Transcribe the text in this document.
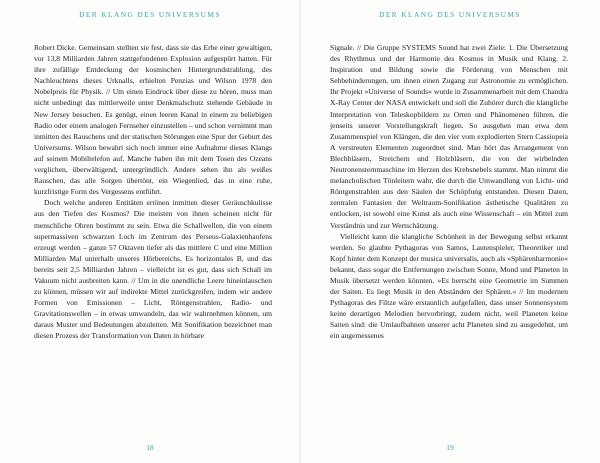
DER KLANG DES UNIVERSUMS

Robert Dicke. Gemeinsam stellten sie fest, dass sie das Erbe einer gewaltigen, vor 13,8 Milliarden Jahren stattgefundenen Explosion aufgespürt hatten. Für ihre zufällige Entdeckung der kosmischen Hintergrundstrahlung, des Nachleuchtens dieses Urknalls, erhielten Penzias und Wilson 1978 den Nobelpreis für Physik. // Um einen Eindruck über diese zu hören, muss man nicht unbedingt das mittlerweile unter Denkmalschutz stehende Gebäude in New Jersey besuchen. Es genügt, einen leeren Kanal in einem zu beliebigen Radio oder einem analogen Fernseher einzustellen – und schon vernimmt man inmitten des Rauschens und der statischen Störungen eine Spur der Geburt des Universums. Wilson bewahrt sich noch immer eine Aufnahme dieses Klangs auf seinem Mobiltelefon auf. Manche haben ihn mit dem Tosen des Ozeans verglichen, überwältigend, untergründlich. Andere sehen ihn als weißes Rauschen, das alle Sorgen übertönt, ein Wiegenlied, das in eine ruhe, kurzfristige Form des Vergessens entführt.

Doch welche anderen Entitäten ertönen inmitten dieser Geräuschkulisse aus den Tiefen des Kosmos? Die meisten von ihnen scheinen nicht für menschliche Ohren bestimmt zu sein. Etwa die Schallwellen, die von einem supermassiven schwarzen Loch im Zentrum des Perseus-Galaxienhaufens erzeugt werden – ganze 57 Oktaven tiefer als das mittlere C und eine Million Milliarden Mal unterhalb unseres Hörbereichs. Es horizontales B, und das bereits seit 2,5 Milliarden Jahren – vielleicht ist es gut, dass sich Schall im Vakuum nicht ausbreiten kann. // Um in die unendliche Leere hineinlauschen zu können, müssen wir auf indirekte Mittel zurückgreifen, indem wir andere Formen von Emissionen – Licht, Röntgenstrahlen, Radio- und Gravitationswellen – in etwas umwandeln, das wir wahrnehmen können, um daraus Muster und Bedeutungen abzuleiten. Mit Sonifikation bezeichnet man diesen Prozess der Transformation von Daten in hörbare

18
DER KLANG DES UNIVERSUMS

Signale. // Die Gruppe SYSTEMS Sound hat zwei Ziele: 1. Die Übersetzung des Rhythmus und der Harmonie des Kosmos in Musik und Klang. 2. Inspiration und Bildung sowie die Förderung von Menschen mit Sehbehinderungen, um ihnen einen Zugang zur Astronomie zu ermöglichen. Ihr Projekt »Universe of Sounds« wurde in Zusammenarbeit mit dem Chandra X-Ray Center der NASA entwickelt und soll die Zuhörer durch die klangliche Interpretation von Teleskopbildern zu Orten und Phänomenen führen, die jenseits unserer Vorstellungskraft liegen. So ausgehen man etwa dem Zusammenspiel von Klängen, die den vier vom explodierten Stern Cassiopeia A verstreuten Elementen zugeordnet sind. Man hört das Arrangement von Blechbläsern, Streichern und Holzbläsern, die von der wirbelnden Neutronensternmaschine im Herzen des Krebsnebels stammt. Man nimmt die melancholischen Tönleitern wahr, die durch die Umwandlung von Licht- und Röntgenstrahlen aus den Säulen der Schöpfung entstanden. Diesen Daten, zentralen Fantasien der Weltraum-Sonifikation ästhetische Qualitäten zu entlocken, ist sowohl eine Kunst als auch eine Wissenschaft – ein Mittel zum Verständnis und zur Wertschätzung.

Vielleicht kann die klangliche Schönheit in der Bewegung selbst erkannt werden. So glaubte Pythagoras von Samos, Lautenspieler, Theoretiker und Kopf hinter dem Konzept der musica universalis, auch als »Sphärenharmonie« bekannt, dass sogar die Entfernungen zwischen Sonne, Mond und Planeten in Musik übersetzt werden könnten. »Es herrscht eine Geometrie im Summen der Saiten. Es liegt Musik in den Abständen der Sphären.« // Im modernen Pythagoras des Filtze wäre erstaunlich aufgefallen, dass unser Sonnensystem keine derartigen Melodien hervorbringt, zudem nicht, weil Planeten keine Saiten sind: die Umlaufbahnen unserer acht Planeten sind zu ausgedehnt, um ein angemessenes

19
